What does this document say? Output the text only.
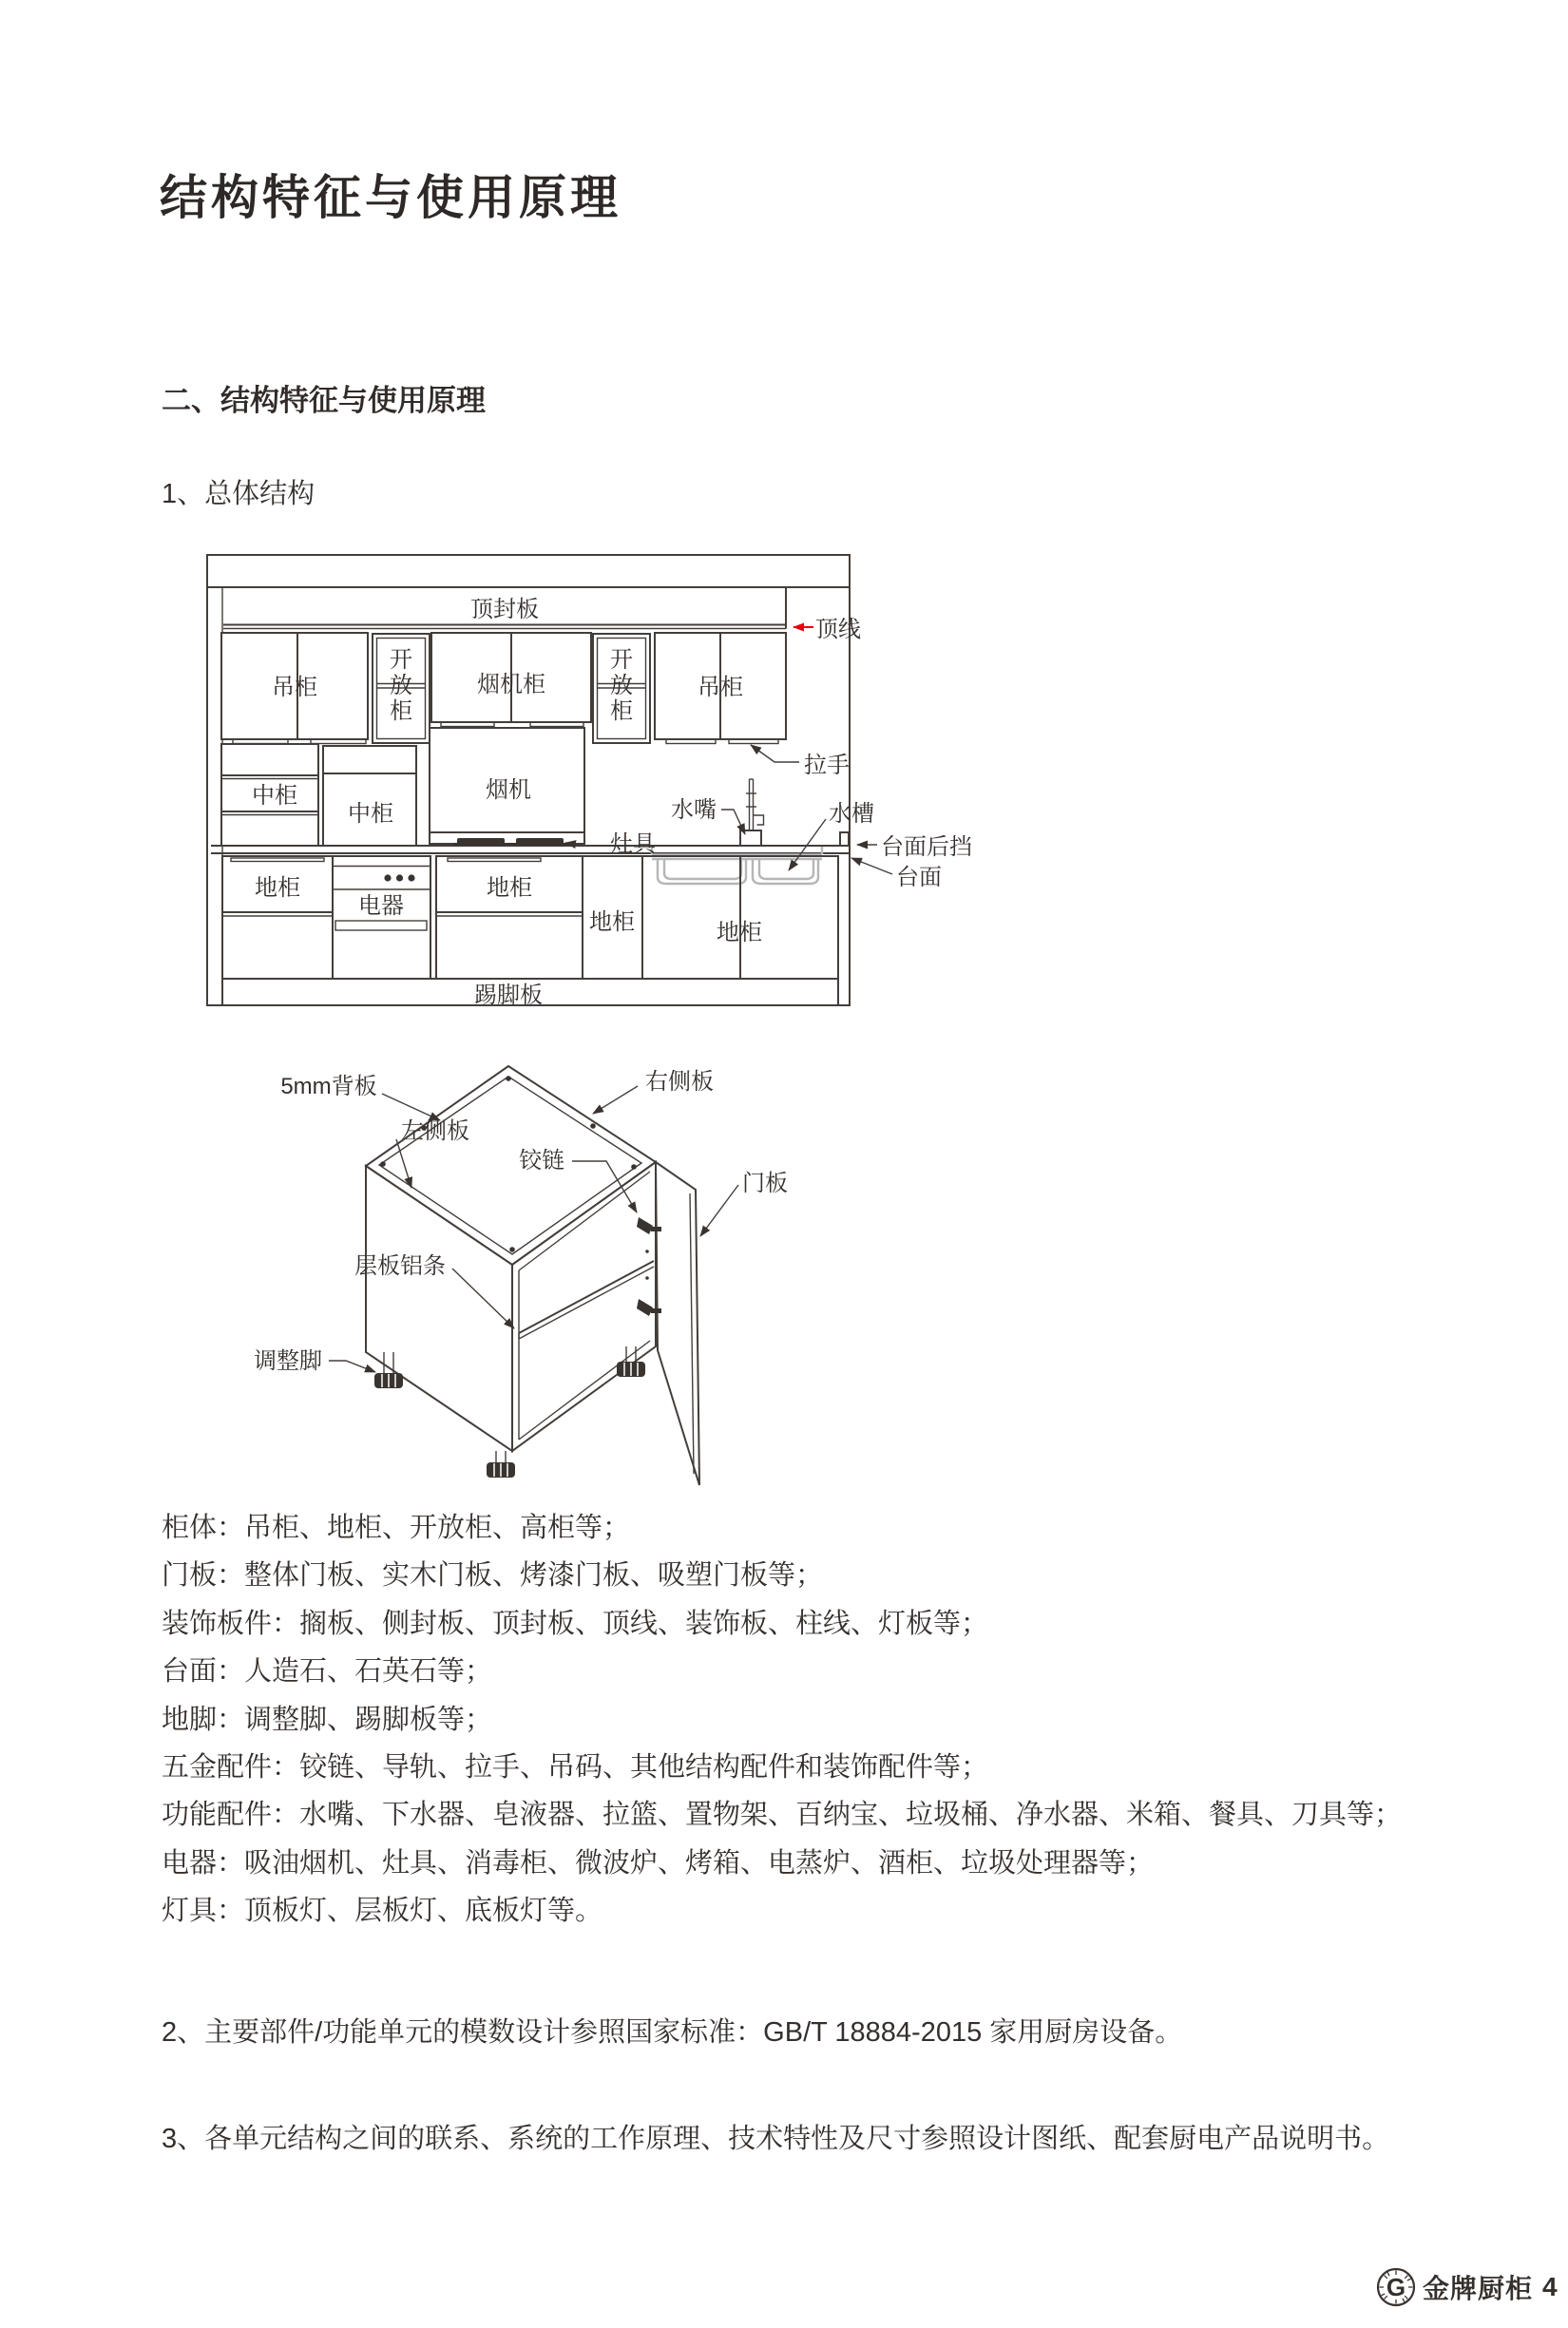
结构特征与使用原理
二、结构特征与使用原理
1、总体结构
顶封板
顶线
吊柜
开放柜
烟机柜
开放柜
吊柜
拉手
中柜
中柜
烟机
灶具
水嘴	水槽
台面后挡
台面
地柜
电器
地柜
地柜	地柜
踢脚板
5mm背板	右侧板
左侧板
铰链
门板
层板铝条
调整脚
柜体：吊柜、地柜、开放柜、高柜等；
门板：整体门板、实木门板、烤漆门板、吸塑门板等；
装饰板件：搁板、侧封板、顶封板、顶线、装饰板、柱线、灯板等；
台面：人造石、石英石等；
地脚：调整脚、踢脚板等；
五金配件：铰链、导轨、拉手、吊码、其他结构配件和装饰配件等；
功能配件：水嘴、下水器、皂液器、拉篮、置物架、百纳宝、垃圾桶、净水器、米箱、餐具、刀具等；
电器：吸油烟机、灶具、消毒柜、微波炉、烤箱、电蒸炉、酒柜、垃圾处理器等；
灯具：顶板灯、层板灯、底板灯等。
2、主要部件/功能单元的模数设计参照国家标准：GB/T 18884-2015 家用厨房设备。
3、各单元结构之间的联系、系统的工作原理、技术特性及尺寸参照设计图纸、配套厨电产品说明书。
G 金牌厨柜 4
